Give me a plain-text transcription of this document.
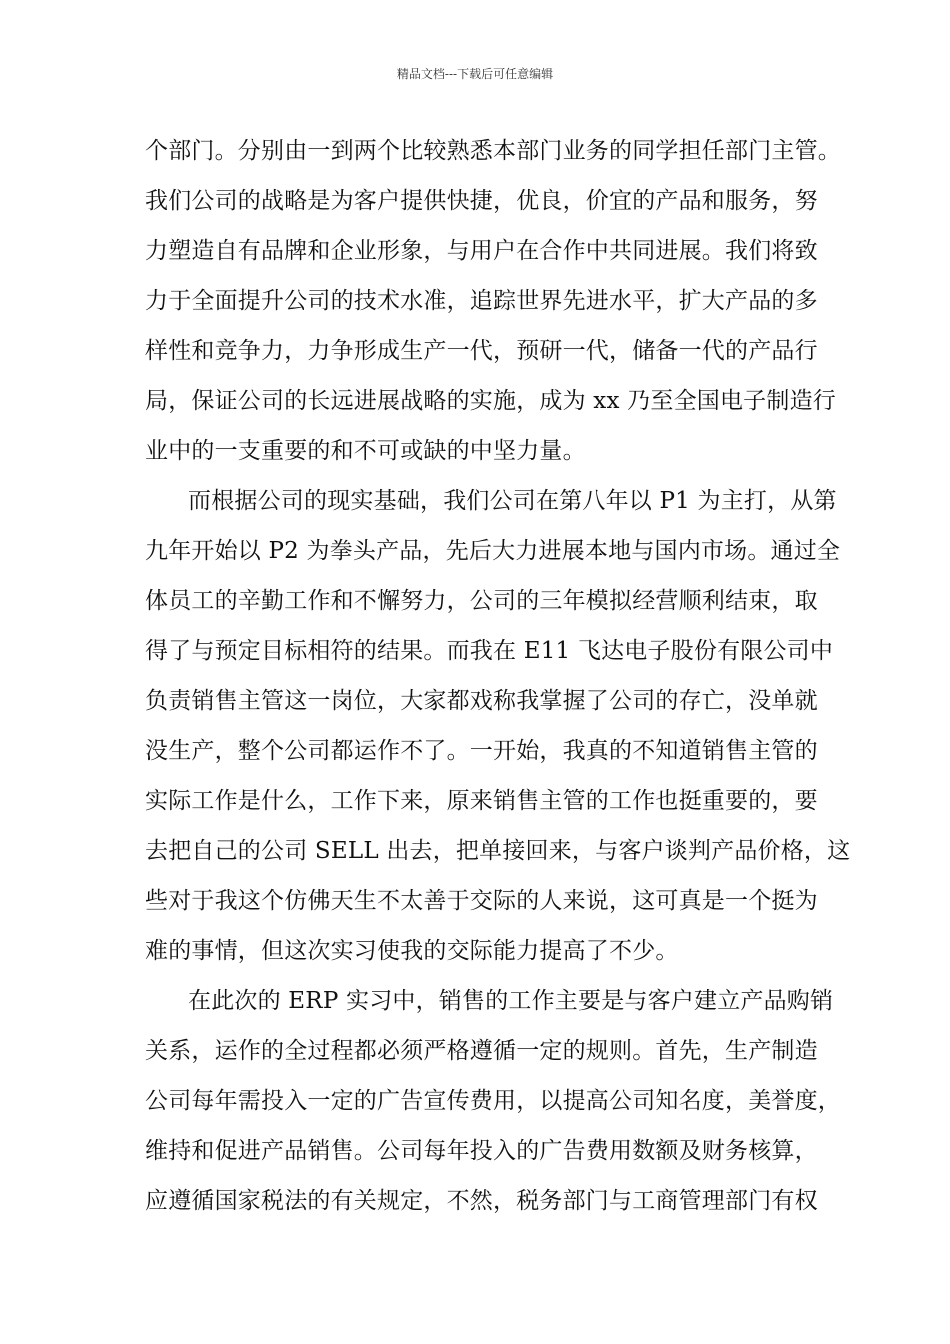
精品文档---下载后可任意编辑
个部门。分别由一到两个比较熟悉本部门业务的同学担任部门主管。
我们公司的战略是为客户提供快捷，优良，价宜的产品和服务，努
力塑造自有品牌和企业形象，与用户在合作中共同进展。我们将致
力于全面提升公司的技术水准，追踪世界先进水平，扩大产品的多
样性和竞争力，力争形成生产一代，预研一代，储备一代的产品行
局，保证公司的长远进展战略的实施，成为 xx 乃至全国电子制造行
业中的一支重要的和不可或缺的中坚力量。
而根据公司的现实基础，我们公司在第八年以 P1 为主打，从第
九年开始以 P2 为拳头产品，先后大力进展本地与国内市场。通过全
体员工的辛勤工作和不懈努力，公司的三年模拟经营顺利结束，取
得了与预定目标相符的结果。而我在 E11 飞达电子股份有限公司中
负责销售主管这一岗位，大家都戏称我掌握了公司的存亡，没单就
没生产，整个公司都运作不了。一开始，我真的不知道销售主管的
实际工作是什么，工作下来，原来销售主管的工作也挺重要的，要
去把自己的公司 SELL 出去，把单接回来，与客户谈判产品价格，这
些对于我这个仿佛天生不太善于交际的人来说，这可真是一个挺为
难的事情，但这次实习使我的交际能力提高了不少。
在此次的 ERP 实习中，销售的工作主要是与客户建立产品购销
关系，运作的全过程都必须严格遵循一定的规则。首先，生产制造
公司每年需投入一定的广告宣传费用，以提高公司知名度，美誉度，
维持和促进产品销售。公司每年投入的广告费用数额及财务核算，
应遵循国家税法的有关规定，不然，税务部门与工商管理部门有权
